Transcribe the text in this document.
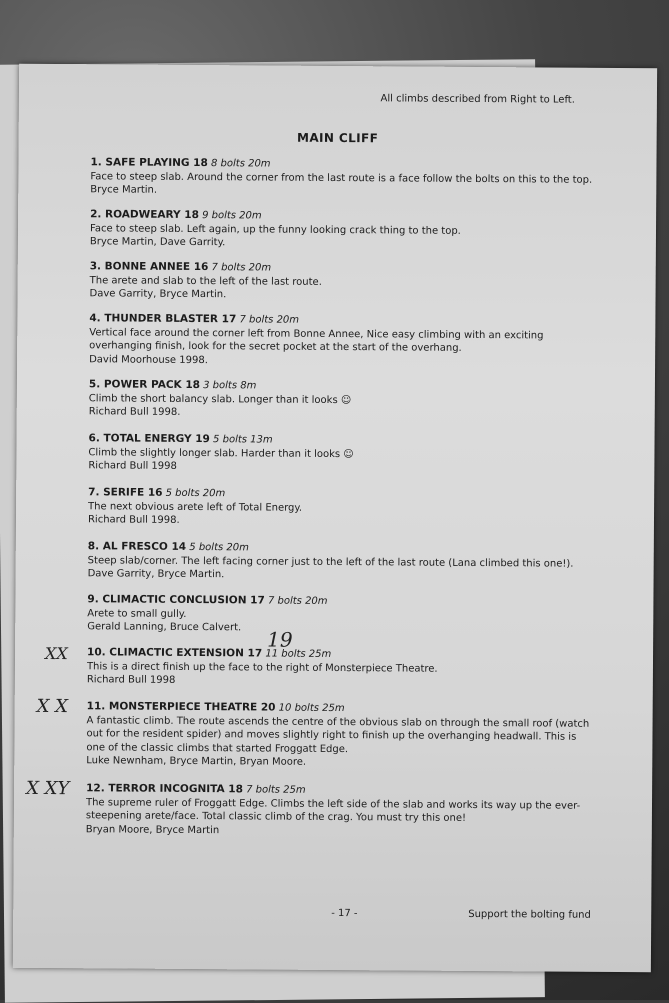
All climbs described from Right to Left.
MAIN CLIFF
1. SAFE PLAYING 18 8 bolts 20m
Face to steep slab. Around the corner from the last route is a face follow the bolts on this to the top.
Bryce Martin.
2. ROADWEARY 18 9 bolts 20m
Face to steep slab. Left again, up the funny looking crack thing to the top.
Bryce Martin, Dave Garrity.
3. BONNE ANNEE 16 7 bolts 20m
The arete and slab to the left of the last route.
Dave Garrity, Bryce Martin.
4. THUNDER BLASTER 17 7 bolts 20m
Vertical face around the corner left from Bonne Annee, Nice easy climbing with an exciting overhanging finish, look for the secret pocket at the start of the overhang.
David Moorhouse 1998.
5. POWER PACK 18 3 bolts 8m
Climb the short balancy slab. Longer than it looks ☺
Richard Bull 1998.
6. TOTAL ENERGY 19 5 bolts 13m
Climb the slightly longer slab. Harder than it looks ☺
Richard Bull 1998
7. SERIFE 16 5 bolts 20m
The next obvious arete left of Total Energy.
Richard Bull 1998.
8. AL FRESCO 14 5 bolts 20m
Steep slab/corner. The left facing corner just to the left of the last route (Lana climbed this one!).
Dave Garrity, Bryce Martin.
9. CLIMACTIC CONCLUSION 17 7 bolts 20m
Arete to small gully.
Gerald Lanning, Bruce Calvert.
10. CLIMACTIC EXTENSION 17 11 bolts 25m
This is a direct finish up the face to the right of Monsterpiece Theatre.
Richard Bull 1998
11. MONSTERPIECE THEATRE 20 10 bolts 25m
A fantastic climb. The route ascends the centre of the obvious slab on through the small roof (watch out for the resident spider) and moves slightly right to finish up the overhanging headwall. This is one of the classic climbs that started Froggatt Edge.
Luke Newnham, Bryce Martin, Bryan Moore.
12. TERROR INCOGNITA 18 7 bolts 25m
The supreme ruler of Froggatt Edge. Climbs the left side of the slab and works its way up the ever-steepening arete/face. Total classic climb of the crag. You must try this one!
Bryan Moore, Bryce Martin
XX
19
X X
X XY
- 17 -	Support the bolting fund
